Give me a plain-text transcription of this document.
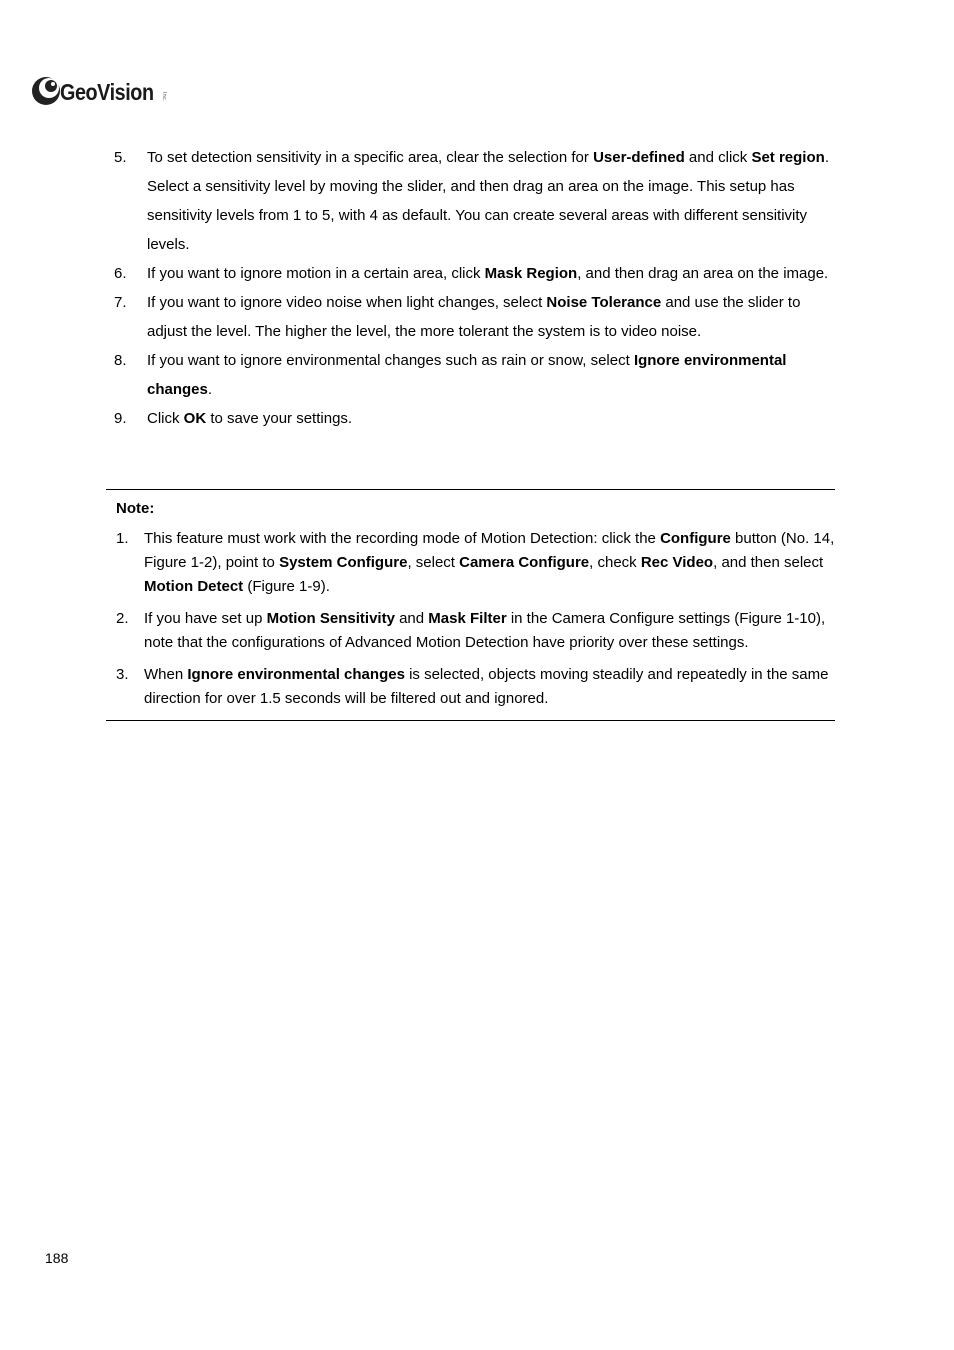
GeoVision Inc.
5.	To set detection sensitivity in a specific area, clear the selection for User-defined and click Set region. Select a sensitivity level by moving the slider, and then drag an area on the image. This setup has sensitivity levels from 1 to 5, with 4 as default. You can create several areas with different sensitivity levels.
6.	If you want to ignore motion in a certain area, click Mask Region, and then drag an area on the image.
7.	If you want to ignore video noise when light changes, select Noise Tolerance and use the slider to adjust the level. The higher the level, the more tolerant the system is to video noise.
8.	If you want to ignore environmental changes such as rain or snow, select Ignore environmental changes.
9.	Click OK to save your settings.
Note:
1.	This feature must work with the recording mode of Motion Detection: click the Configure button (No. 14, Figure 1-2), point to System Configure, select Camera Configure, check Rec Video, and then select Motion Detect (Figure 1-9).
2.	If you have set up Motion Sensitivity and Mask Filter in the Camera Configure settings (Figure 1-10), note that the configurations of Advanced Motion Detection have priority over these settings.
3.	When Ignore environmental changes is selected, objects moving steadily and repeatedly in the same direction for over 1.5 seconds will be filtered out and ignored.
188
